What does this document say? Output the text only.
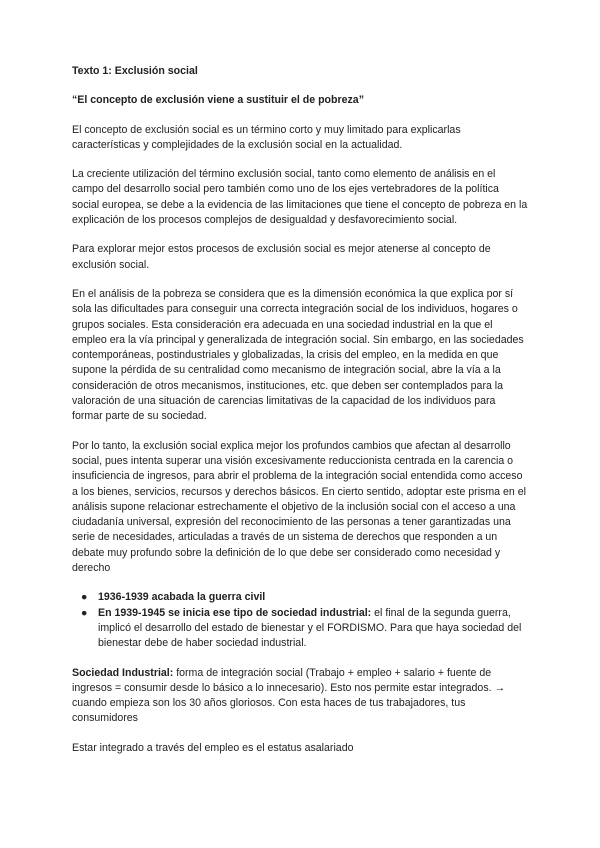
Texto 1: Exclusión social

“El concepto de exclusión viene a sustituir el de pobreza”

El concepto de exclusión social es un término corto y muy limitado para explicarlas características y complejidades de la exclusión social en la actualidad.

La creciente utilización del término exclusión social, tanto como elemento de análisis en el campo del desarrollo social pero también como uno de los ejes vertebradores de la política social europea, se debe a la evidencia de las limitaciones que tiene el concepto de pobreza en la explicación de los procesos complejos de desigualdad y desfavorecimiento social.

Para explorar mejor estos procesos de exclusión social es mejor atenerse al concepto de exclusión social.

En el análisis de la pobreza se considera que es la dimensión económica la que explica por sí sola las dificultades para conseguir una correcta integración social de los individuos, hogares o grupos sociales. Esta consideración era adecuada en una sociedad industrial en la que el empleo era la vía principal y generalizada de integración social. Sin embargo, en las sociedades contemporáneas, postindustriales y globalizadas, la crisis del empleo, en la medida en que supone la pérdida de su centralidad como mecanismo de integración social, abre la vía a la consideración de otros mecanismos, instituciones, etc. que deben ser contemplados para la valoración de una situación de carencias limitativas de la capacidad de los individuos para formar parte de su sociedad.

Por lo tanto, la exclusión social explica mejor los profundos cambios que afectan al desarrollo social, pues intenta superar una visión excesivamente reduccionista centrada en la carencia o insuficiencia de ingresos, para abrir el problema de la integración social entendida como acceso a los bienes, servicios, recursos y derechos básicos. En cierto sentido, adoptar este prisma en el análisis supone relacionar estrechamente el objetivo de la inclusión social con el acceso a una ciudadanía universal, expresión del reconocimiento de las personas a tener garantizadas una serie de necesidades, articuladas a través de un sistema de derechos que responden a un debate muy profundo sobre la definición de lo que debe ser considerado como necesidad y derecho

● 1936-1939 acabada la guerra civil
● En 1939-1945 se inicia ese tipo de sociedad industrial: el final de la segunda guerra, implicó el desarrollo del estado de bienestar y el FORDISMO. Para que haya sociedad del bienestar debe de haber sociedad industrial.

Sociedad Industrial: forma de integración social (Trabajo + empleo + salario + fuente de ingresos = consumir desde lo básico a lo innecesario). Esto nos permite estar integrados. → cuando empieza son los 30 años gloriosos. Con esta haces de tus trabajadores, tus consumidores

Estar integrado a través del empleo es el estatus asalariado
